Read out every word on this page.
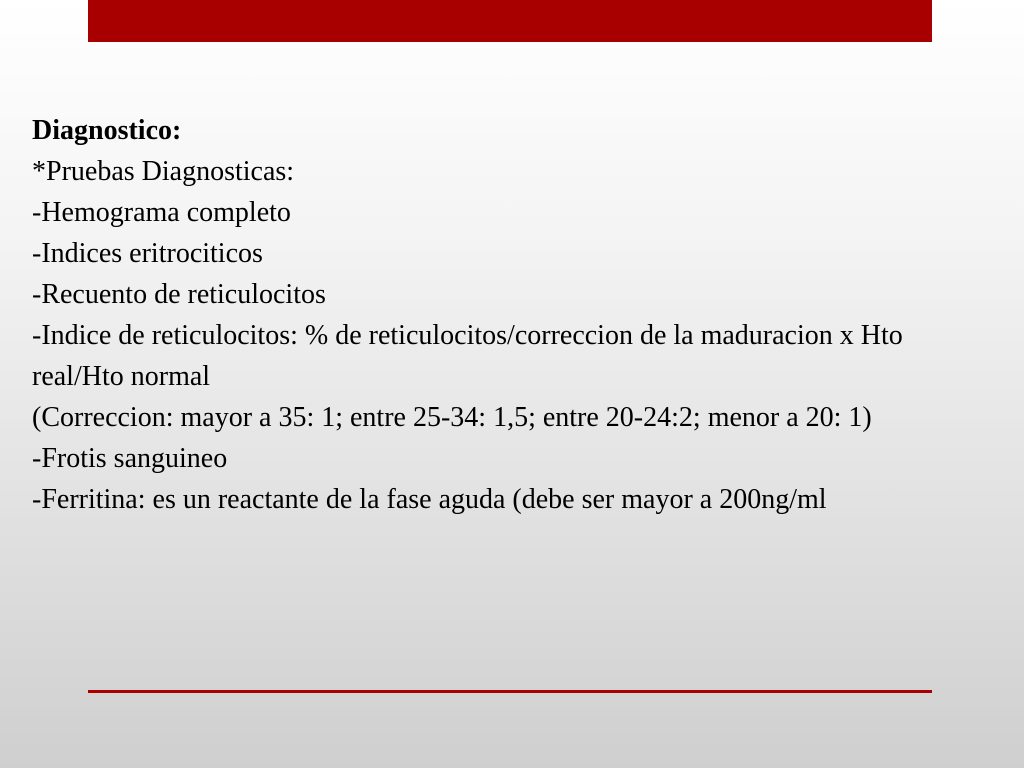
Diagnostico:

*Pruebas Diagnosticas:

-Hemograma completo

-Indices eritrociticos

-Recuento de reticulocitos

-Indice de reticulocitos: % de reticulocitos/correccion de la maduracion x Hto real/Hto normal

(Correccion: mayor a 35: 1; entre 25-34: 1,5; entre 20-24:2; menor a 20: 1)

-Frotis sanguineo

-Ferritina: es un reactante de la fase aguda (debe ser mayor a 200ng/ml
